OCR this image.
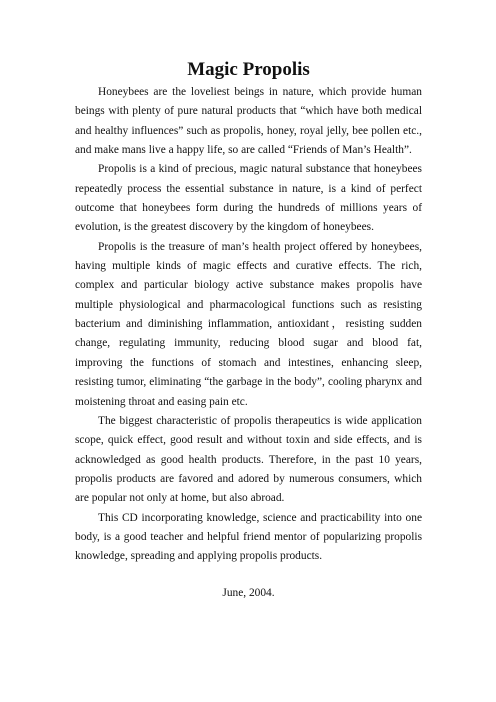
Magic Propolis

Honeybees are the loveliest beings in nature, which provide human beings with plenty of pure natural products that “which have both medical and healthy influences” such as propolis, honey, royal jelly, bee pollen etc., and make mans live a happy life, so are called “Friends of Man’s Health”.

Propolis is a kind of precious, magic natural substance that honeybees repeatedly process the essential substance in nature, is a kind of perfect outcome that honeybees form during the hundreds of millions years of evolution, is the greatest discovery by the kingdom of honeybees.

Propolis is the treasure of man’s health project offered by honeybees, having multiple kinds of magic effects and curative effects. The rich, complex and particular biology active substance makes propolis have multiple physiological and pharmacological functions such as resisting bacterium and diminishing inflammation, antioxidant，resisting sudden change, regulating immunity, reducing blood sugar and blood fat, improving the functions of stomach and intestines, enhancing sleep, resisting tumor, eliminating “the garbage in the body”, cooling pharynx and moistening throat and easing pain etc.

The biggest characteristic of propolis therapeutics is wide application scope, quick effect, good result and without toxin and side effects, and is acknowledged as good health products. Therefore, in the past 10 years, propolis products are favored and adored by numerous consumers, which are popular not only at home, but also abroad.

This CD incorporating knowledge, science and practicability into one body, is a good teacher and helpful friend mentor of popularizing propolis knowledge, spreading and applying propolis products.

June, 2004.
